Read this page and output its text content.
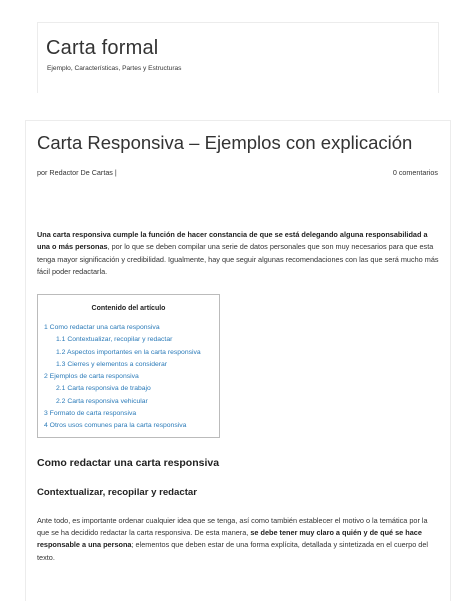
Carta formal
Ejemplo, Características, Partes y Estructuras
Carta Responsiva – Ejemplos con explicación
por Redactor De Cartas |	0 comentarios
Una carta responsiva cumple la función de hacer constancia de que se está delegando alguna responsabilidad a una o más personas, por lo que se deben compilar una serie de datos personales que son muy necesarios para que esta tenga mayor significación y credibilidad. Igualmente, hay que seguir algunas recomendaciones con las que será mucho más fácil poder redactarla.
Contenido del artículo
1 Como redactar una carta responsiva
1.1 Contextualizar, recopilar y redactar
1.2 Aspectos importantes en la carta responsiva
1.3 Cierres y elementos a considerar
2 Ejemplos de carta responsiva
2.1 Carta responsiva de trabajo
2.2 Carta responsiva vehicular
3 Formato de carta responsiva
4 Otros usos comunes para la carta responsiva
Como redactar una carta responsiva
Contextualizar, recopilar y redactar
Ante todo, es importante ordenar cualquier idea que se tenga, así como también establecer el motivo o la temática por la que se ha decidido redactar la carta responsiva. De esta manera, se debe tener muy claro a quién y de qué se hace responsable a una persona; elementos que deben estar de una forma explícita, detallada y sintetizada en el cuerpo del texto.
